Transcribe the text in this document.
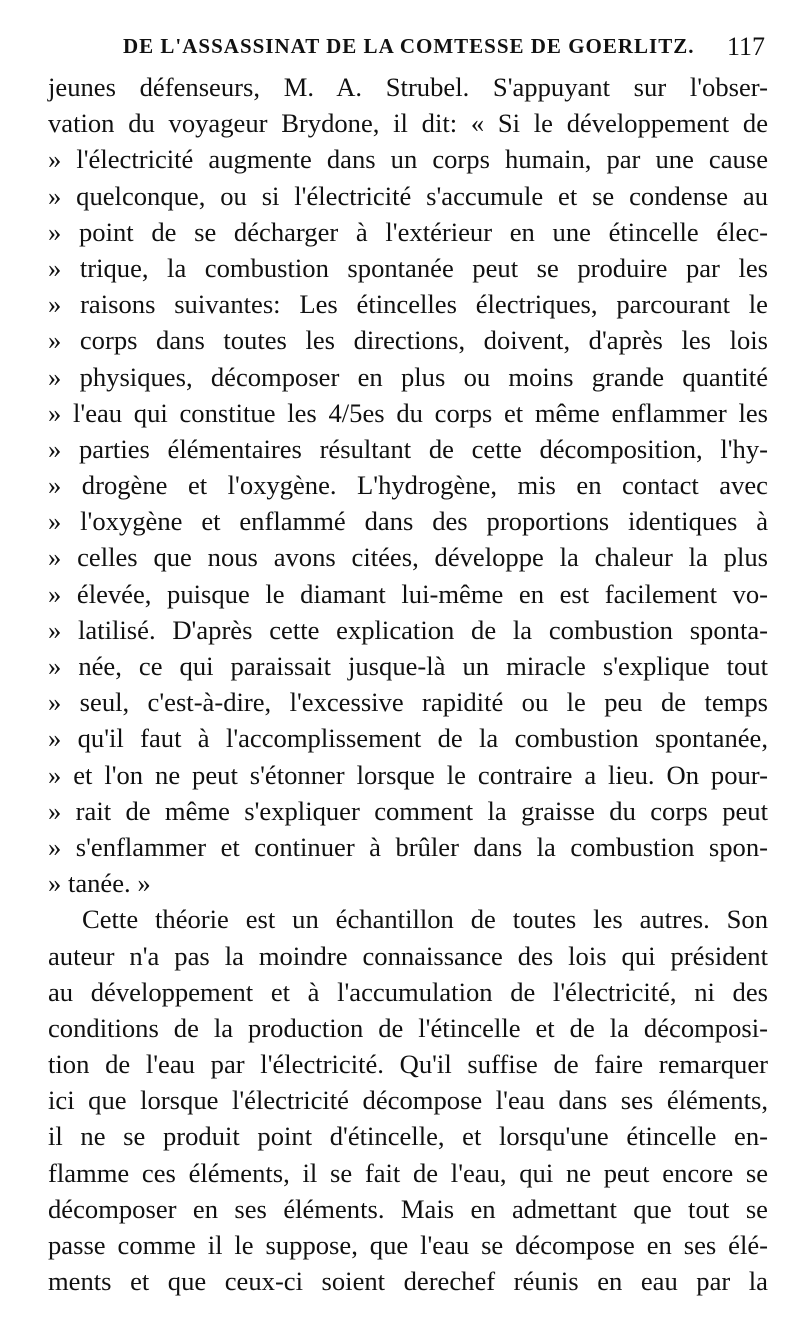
DE L'ASSASSINAT DE LA COMTESSE DE GOERLITZ. 117
jeunes défenseurs, M. A. Strubel. S'appuyant sur l'obser-
vation du voyageur Brydone, il dit: « Si le développement de
» l'électricité augmente dans un corps humain, par une cause
» quelconque, ou si l'électricité s'accumule et se condense au
» point de se décharger à l'extérieur en une étincelle élec-
» trique, la combustion spontanée peut se produire par les
» raisons suivantes: Les étincelles électriques, parcourant le
» corps dans toutes les directions, doivent, d'après les lois
» physiques, décomposer en plus ou moins grande quantité
» l'eau qui constitue les 4/5es du corps et même enflammer les
» parties élémentaires résultant de cette décomposition, l'hy-
» drogène et l'oxygène. L'hydrogène, mis en contact avec
» l'oxygène et enflammé dans des proportions identiques à
» celles que nous avons citées, développe la chaleur la plus
» élevée, puisque le diamant lui-même en est facilement vo-
» latilisé. D'après cette explication de la combustion sponta-
» née, ce qui paraissait jusque-là un miracle s'explique tout
» seul, c'est-à-dire, l'excessive rapidité ou le peu de temps
» qu'il faut à l'accomplissement de la combustion spontanée,
» et l'on ne peut s'étonner lorsque le contraire a lieu. On pour-
» rait de même s'expliquer comment la graisse du corps peut
» s'enflammer et continuer à brûler dans la combustion spon-
» tanée. »
Cette théorie est un échantillon de toutes les autres. Son
auteur n'a pas la moindre connaissance des lois qui président
au développement et à l'accumulation de l'électricité, ni des
conditions de la production de l'étincelle et de la décomposi-
tion de l'eau par l'électricité. Qu'il suffise de faire remarquer
ici que lorsque l'électricité décompose l'eau dans ses éléments,
il ne se produit point d'étincelle, et lorsqu'une étincelle en-
flamme ces éléments, il se fait de l'eau, qui ne peut encore se
décomposer en ses éléments. Mais en admettant que tout se
passe comme il le suppose, que l'eau se décompose en ses élé-
ments et que ceux-ci soient derechef réunis en eau par la
